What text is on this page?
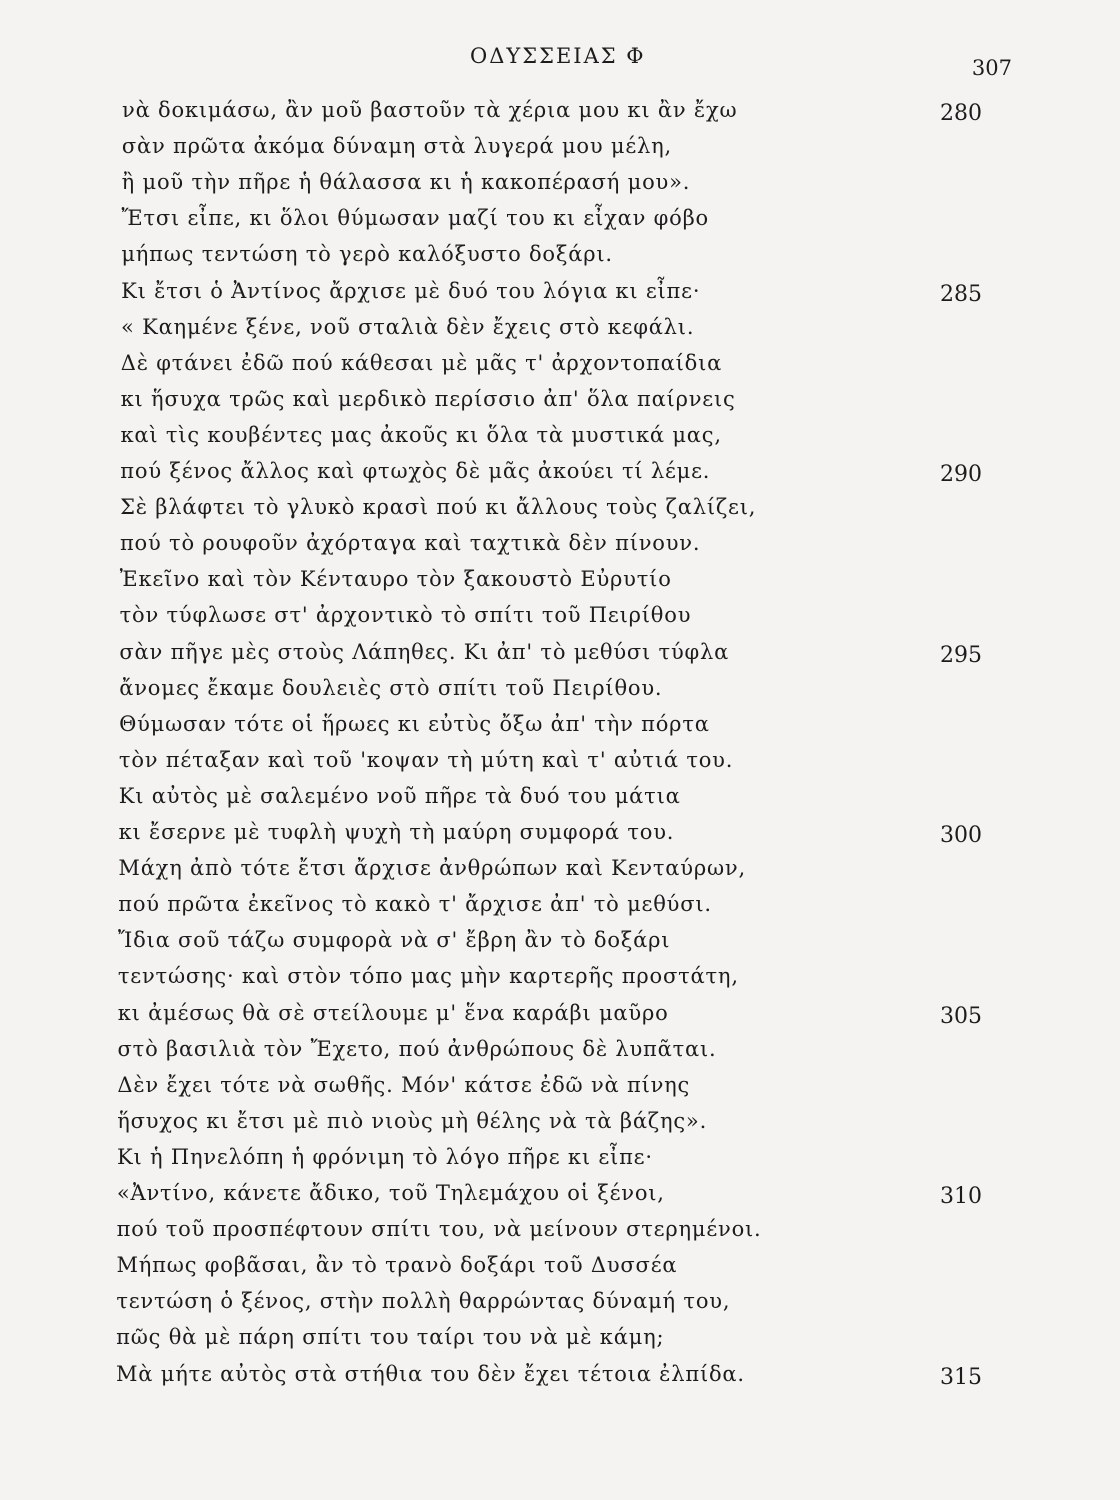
ΟΔΥΣΣΕΙΑΣ Φ	307
νὰ δοκιμάσω, ἂν μοῦ βαστοῦν τὰ χέρια μου κι ἂν ἔχω	280
σὰν πρῶτα ἀκόμα δύναμη στὰ λυγερά μου μέλη,
ἢ μοῦ τὴν πῆρε ἡ θάλασσα κι ἡ κακοπέρασή μου».
Ἔτσι εἶπε, κι ὅλοι θύμωσαν μαζί του κι εἶχαν φόβο
μήπως τεντώση τὸ γερὸ καλόξυστο δοξάρι.
Κι ἔτσι ὁ Ἀντίνος ἄρχισε μὲ δυό του λόγια κι εἶπε·	285
« Καημένε ξένε, νοῦ σταλιὰ δὲν ἔχεις στὸ κεφάλι.
Δὲ φτάνει ἐδῶ πού κάθεσαι μὲ μᾶς τ' ἀρχοντοπαίδια
κι ἥσυχα τρῶς καὶ μερδικὸ περίσσιο ἀπ' ὅλα παίρνεις
καὶ τὶς κουβέντες μας ἀκοῦς κι ὅλα τὰ μυστικά μας,
πού ξένος ἄλλος καὶ φτωχὸς δὲ μᾶς ἀκούει τί λέμε.	290
Σὲ βλάφτει τὸ γλυκὸ κρασὶ πού κι ἄλλους τοὺς ζαλίζει,
πού τὸ ρουφοῦν ἀχόρταγα καὶ ταχτικὰ δὲν πίνουν.
Ἐκεῖνο καὶ τὸν Κένταυρο τὸν ξακουστὸ Εὐρυτίο
τὸν τύφλωσε στ' ἀρχοντικὸ τὸ σπίτι τοῦ Πειρίθου
σὰν πῆγε μὲς στοὺς Λάπηθες. Κι ἀπ' τὸ μεθύσι τύφλα	295
ἄνομες ἔκαμε δουλειὲς στὸ σπίτι τοῦ Πειρίθου.
Θύμωσαν τότε οἱ ἥρωες κι εὐτὺς ὄξω ἀπ' τὴν πόρτα
τὸν πέταξαν καὶ τοῦ 'κοψαν τὴ μύτη καὶ τ' αὐτιά του.
Κι αὐτὸς μὲ σαλεμένο νοῦ πῆρε τὰ δυό του μάτια
κι ἔσερνε μὲ τυφλὴ ψυχὴ τὴ μαύρη συμφορά του.	300
Μάχη ἀπὸ τότε ἔτσι ἄρχισε ἀνθρώπων καὶ Κενταύρων,
πού πρῶτα ἐκεῖνος τὸ κακὸ τ' ἄρχισε ἀπ' τὸ μεθύσι.
Ἴδια σοῦ τάζω συμφορὰ νὰ σ' ἔβρη ἂν τὸ δοξάρι
τεντώσης· καὶ στὸν τόπο μας μὴν καρτερῆς προστάτη,
κι ἀμέσως θὰ σὲ στείλουμε μ' ἕνα καράβι μαῦρο	305
στὸ βασιλιὰ τὸν Ἔχετο, πού ἀνθρώπους δὲ λυπᾶται.
Δὲν ἔχει τότε νὰ σωθῆς. Μόν' κάτσε ἐδῶ νὰ πίνης
ἥσυχος κι ἔτσι μὲ πιὸ νιοὺς μὴ θέλης νὰ τὰ βάζης».
Κι ἡ Πηνελόπη ἡ φρόνιμη τὸ λόγο πῆρε κι εἶπε·
«Ἀντίνο, κάνετε ἄδικο, τοῦ Τηλεμάχου οἱ ξένοι,	310
πού τοῦ προσπέφτουν σπίτι του, νὰ μείνουν στερημένοι.
Μήπως φοβᾶσαι, ἂν τὸ τρανὸ δοξάρι τοῦ Δυσσέα
τεντώση ὁ ξένος, στὴν πολλὴ θαρρώντας δύναμή του,
πῶς θὰ μὲ πάρη σπίτι του ταίρι του νὰ μὲ κάμη;
Μὰ μήτε αὐτὸς στὰ στήθια του δὲν ἔχει τέτοια ἐλπίδα.	315
